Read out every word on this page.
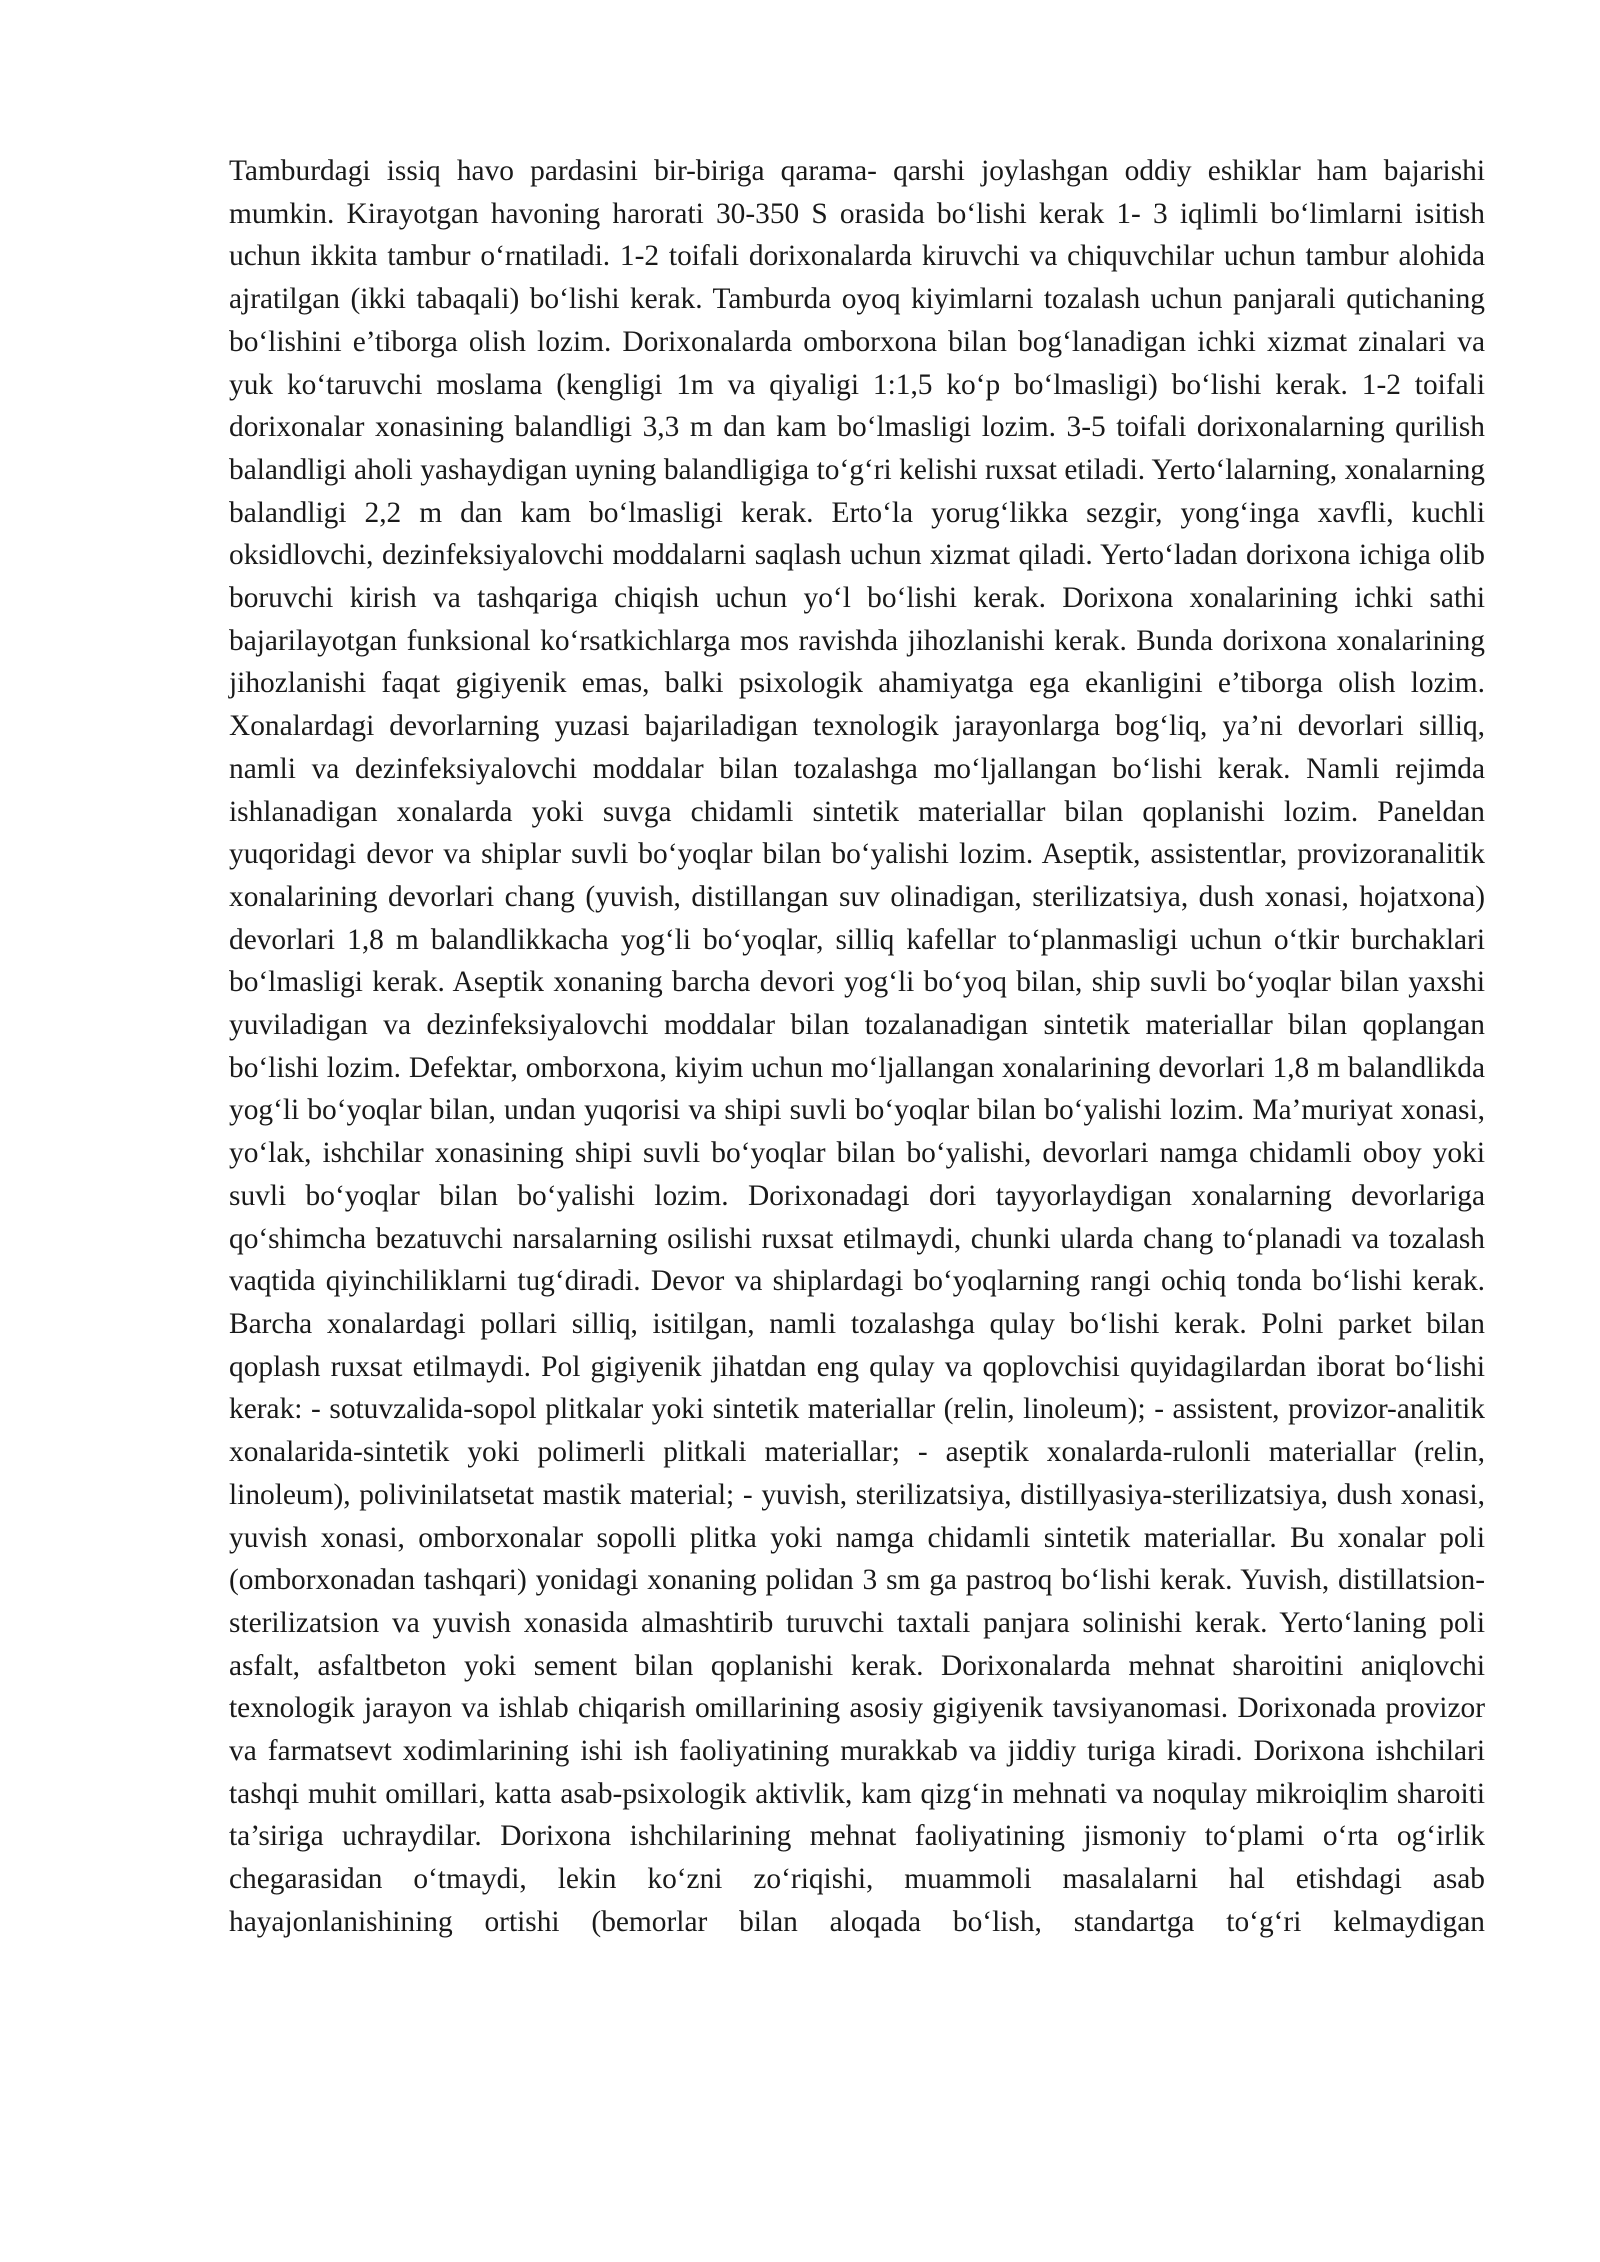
Tamburdagi issiq havo pardasini bir-biriga qarama- qarshi joylashgan oddiy eshiklar ham bajarishi mumkin. Kirayotgan havoning harorati 30-350 S orasida bo‘lishi kerak 1- 3 iqlimli bo‘limlarni isitish uchun ikkita tambur o‘rnatiladi. 1-2 toifali dorixonalarda kiruvchi va chiquvchilar uchun tambur alohida ajratilgan (ikki tabaqali) bo‘lishi kerak. Tamburda oyoq kiyimlarni tozalash uchun panjarali qutichaning bo‘lishini e’tiborga olish lozim. Dorixonalarda omborxona bilan bog‘lanadigan ichki xizmat zinalari va yuk ko‘taruvchi moslama (kengligi 1m va qiyaligi 1:1,5 ko‘p bo‘lmasligi) bo‘lishi kerak. 1-2 toifali dorixonalar xonasining balandligi 3,3 m dan kam bo‘lmasligi lozim. 3-5 toifali dorixonalarning qurilish balandligi aholi yashaydigan uyning balandligiga to‘g‘ri kelishi ruxsat etiladi. Yerto‘lalarning, xonalarning balandligi 2,2 m dan kam bo‘lmasligi kerak. Erto‘la yorug‘likka sezgir, yong‘inga xavfli, kuchli oksidlovchi, dezinfeksiyalovchi moddalarni saqlash uchun xizmat qiladi. Yerto‘ladan dorixona ichiga olib boruvchi kirish va tashqariga chiqish uchun yo‘l bo‘lishi kerak. Dorixona xonalarining ichki sathi bajarilayotgan funksional ko‘rsatkichlarga mos ravishda jihozlanishi kerak. Bunda dorixona xonalarining jihozlanishi faqat gigiyenik emas, balki psixologik ahamiyatga ega ekanligini e’tiborga olish lozim. Xonalardagi devorlarning yuzasi bajariladigan texnologik jarayonlarga bog‘liq, ya’ni devorlari silliq, namli va dezinfeksiyalovchi moddalar bilan tozalashga mo‘ljallangan bo‘lishi kerak. Namli rejimda ishlanadigan xonalarda yoki suvga chidamli sintetik materiallar bilan qoplanishi lozim. Paneldan yuqoridagi devor va shiplar suvli bo‘yoqlar bilan bo‘yalishi lozim. Aseptik, assistentlar, provizoranalitik xonalarining devorlari chang (yuvish, distillangan suv olinadigan, sterilizatsiya, dush xonasi, hojatxona) devorlari 1,8 m balandlikkacha yog‘li bo‘yoqlar, silliq kafellar to‘planmasligi uchun o‘tkir burchaklari bo‘lmasligi kerak. Aseptik xonaning barcha devori yog‘li bo‘yoq bilan, ship suvli bo‘yoqlar bilan yaxshi yuviladigan va dezinfeksiyalovchi moddalar bilan tozalanadigan sintetik materiallar bilan qoplangan bo‘lishi lozim. Defektar, omborxona, kiyim uchun mo‘ljallangan xonalarining devorlari 1,8 m balandlikda yog‘li bo‘yoqlar bilan, undan yuqorisi va shipi suvli bo‘yoqlar bilan bo‘yalishi lozim. Ma’muriyat xonasi, yo‘lak, ishchilar xonasining shipi suvli bo‘yoqlar bilan bo‘yalishi, devorlari namga chidamli oboy yoki suvli bo‘yoqlar bilan bo‘yalishi lozim. Dorixonadagi dori tayyorlaydigan xonalarning devorlariga qo‘shimcha bezatuvchi narsalarning osilishi ruxsat etilmaydi, chunki ularda chang to‘planadi va tozalash vaqtida qiyinchiliklarni tug‘diradi. Devor va shiplardagi bo‘yoqlarning rangi ochiq tonda bo‘lishi kerak. Barcha xonalardagi pollari silliq, isitilgan, namli tozalashga qulay bo‘lishi kerak. Polni parket bilan qoplash ruxsat etilmaydi. Pol gigiyenik jihatdan eng qulay va qoplovchisi quyidagilardan iborat bo‘lishi kerak: - sotuvzalida-sopol plitkalar yoki sintetik materiallar (relin, linoleum); - assistent, provizor-analitik xonalarida-sintetik yoki polimerli plitkali materiallar; - aseptik xonalarda-rulonli materiallar (relin, linoleum), polivinilatsetat mastik material; - yuvish, sterilizatsiya, distillyasiya-sterilizatsiya, dush xonasi, yuvish xonasi, omborxonalar sopolli plitka yoki namga chidamli sintetik materiallar. Bu xonalar poli (omborxonadan tashqari) yonidagi xonaning polidan 3 sm ga pastroq bo‘lishi kerak. Yuvish, distillatsion-sterilizatsion va yuvish xonasida almashtirib turuvchi taxtali panjara solinishi kerak. Yerto‘laning poli asfalt, asfaltbeton yoki sement bilan qoplanishi kerak. Dorixonalarda mehnat sharoitini aniqlovchi texnologik jarayon va ishlab chiqarish omillarining asosiy gigiyenik tavsiyanomasi. Dorixonada provizor va farmatsevt xodimlarining ishi ish faoliyatining murakkab va jiddiy turiga kiradi. Dorixona ishchilari tashqi muhit omillari, katta asab-psixologik aktivlik, kam qizg‘in mehnati va noqulay mikroiqlim sharoiti ta’siriga uchraydilar. Dorixona ishchilarining mehnat faoliyatining jismoniy to‘plami o‘rta og‘irlik chegarasidan o‘tmaydi, lekin ko‘zni zo‘riqishi, muammoli masalalarni hal etishdagi asab hayajonlanishining ortishi (bemorlar bilan aloqada bo‘lish, standartga to‘g‘ri kelmaydigan
